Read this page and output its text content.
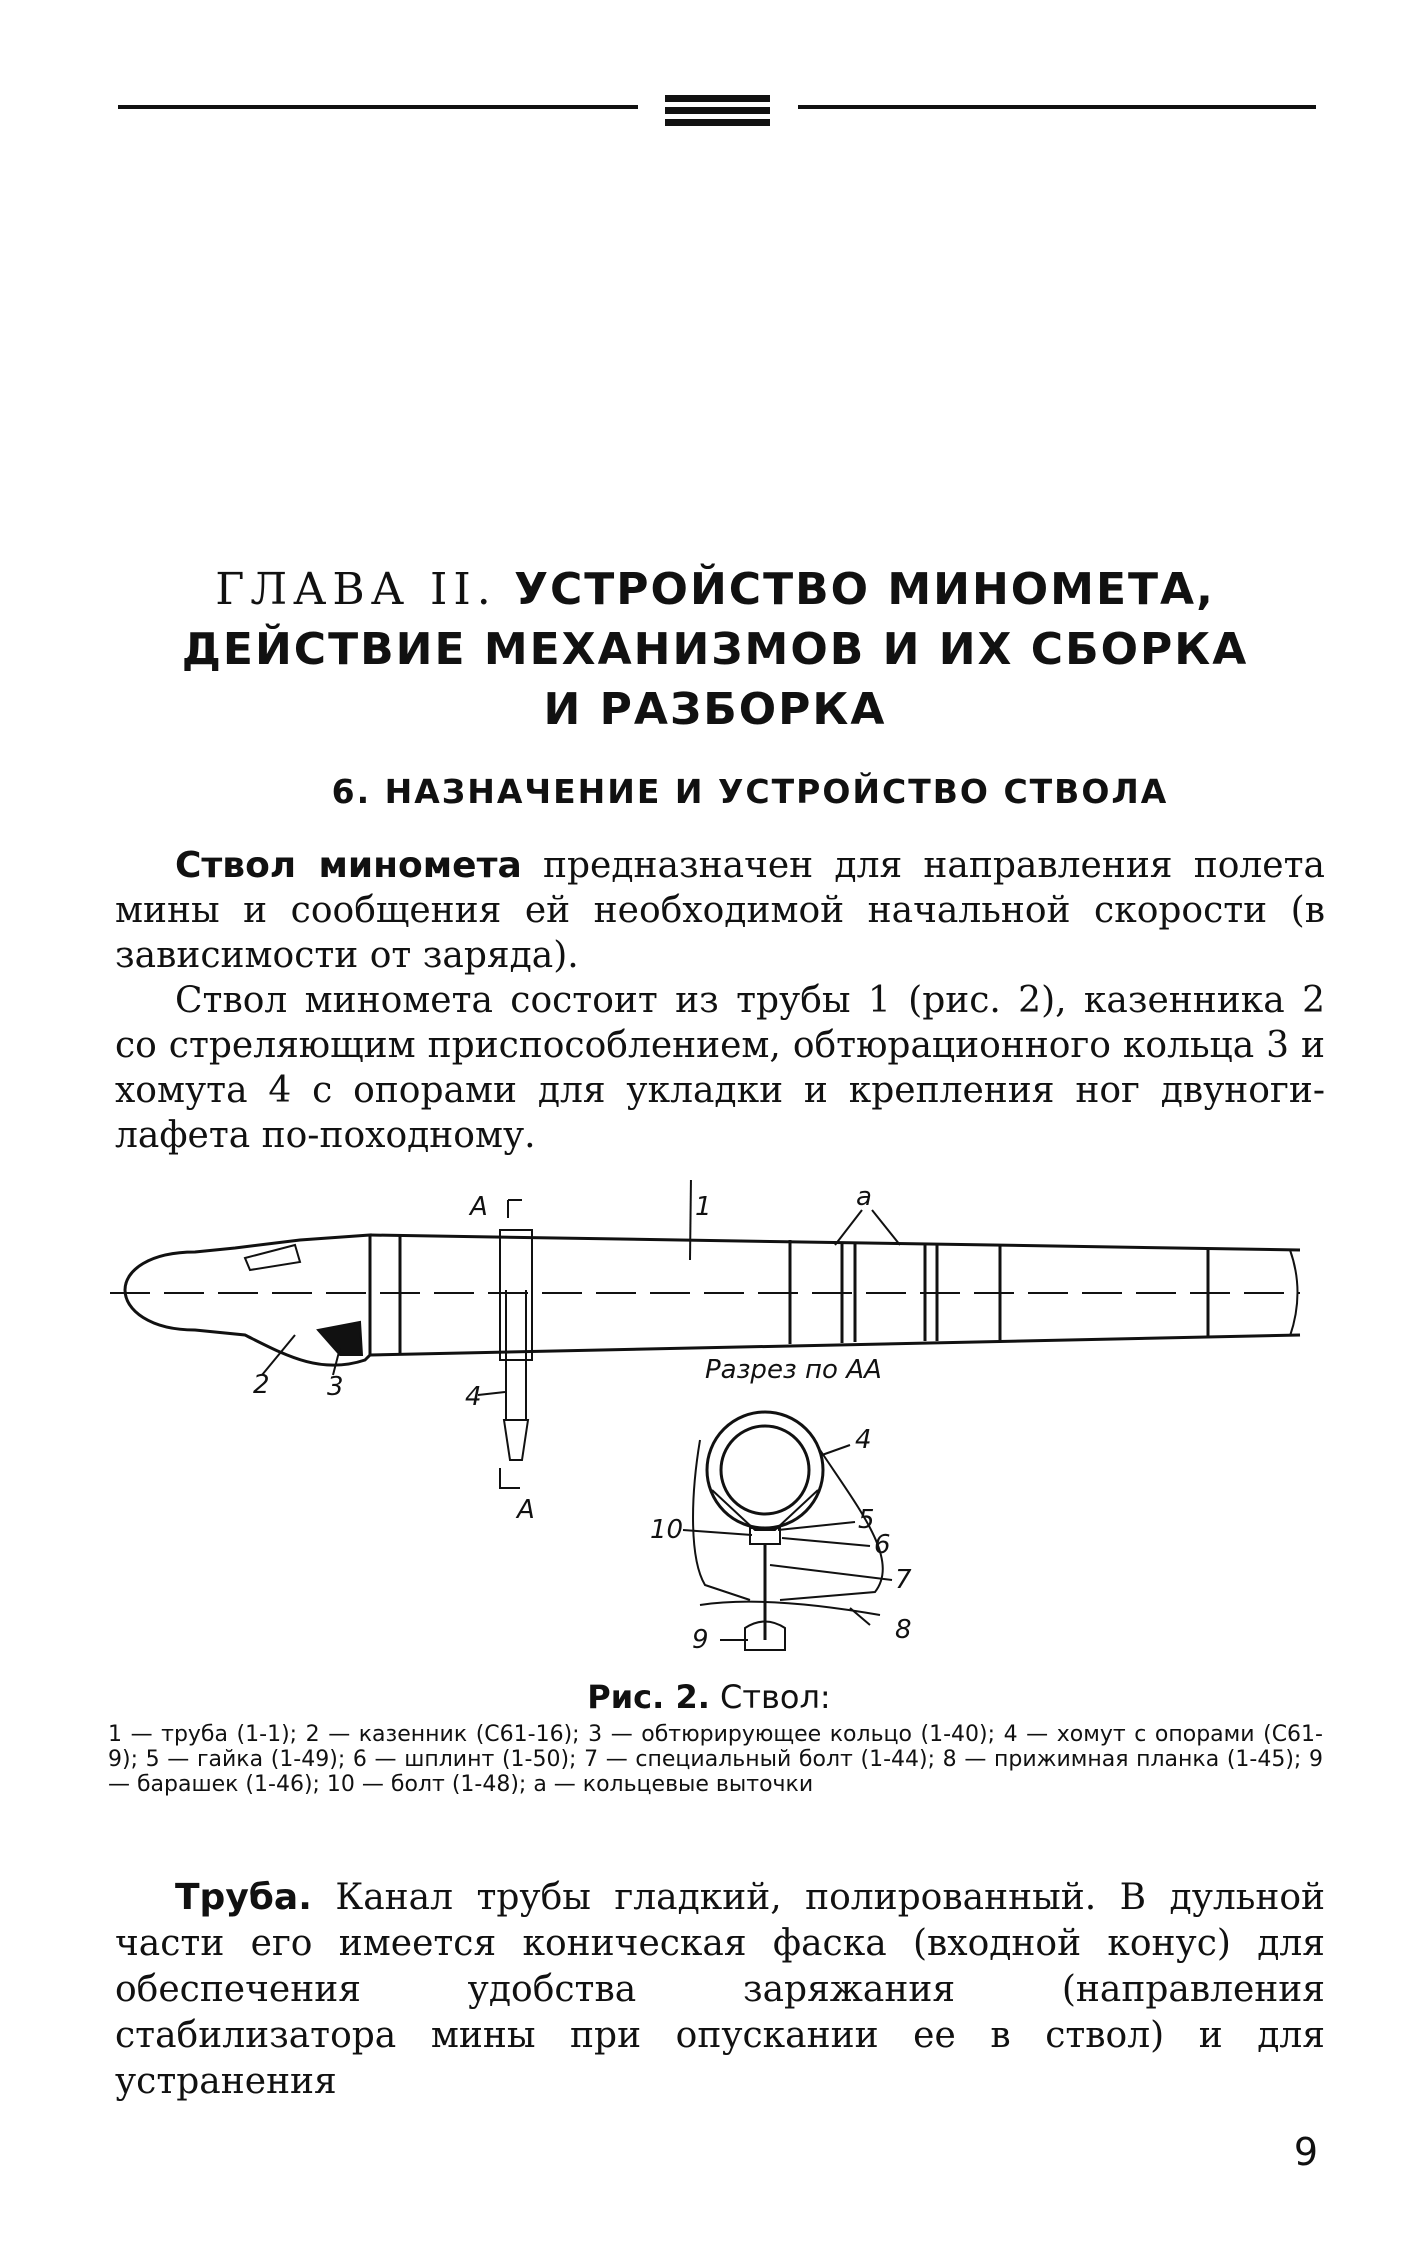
ГЛАВА II. УСТРОЙСТВО МИНОМЕТА,
ДЕЙСТВИЕ МЕХАНИЗМОВ И ИХ СБОРКА
И РАЗБОРКА
6. НАЗНАЧЕНИЕ И УСТРОЙСТВО СТВОЛА
Ствол миномета предназначен для направления полета мины и сообщения ей необходимой начальной скорости (в зависимости от заряда).
Ствол миномета состоит из трубы 1 (рис. 2), казенника 2 со стреляющим приспособлением, обтюрационного кольца 3 и хомута 4 с опорами для укладки и крепления ног двуноги-лафета по-походному.
А	1	а
2 3	4
А
Разрез по АА
4
5
6
7
8
9
10
Рис. 2. Ствол:
1 — труба (1-1); 2 — казенник (С61-16); 3 — обтюрирующее кольцо (1-40); 4 — хомут с опорами (С61-9); 5 — гайка (1-49); 6 — шплинт (1-50); 7 — специальный болт (1-44); 8 — прижимная планка (1-45); 9 — барашек (1-46); 10 — болт (1-48); а — кольцевые выточки
Труба. Канал трубы гладкий, полированный. В дульной части его имеется коническая фаска (входной конус) для обеспечения удобства заряжания (направления стабилизатора мины при опускании ее в ствол) и для устранения
9
